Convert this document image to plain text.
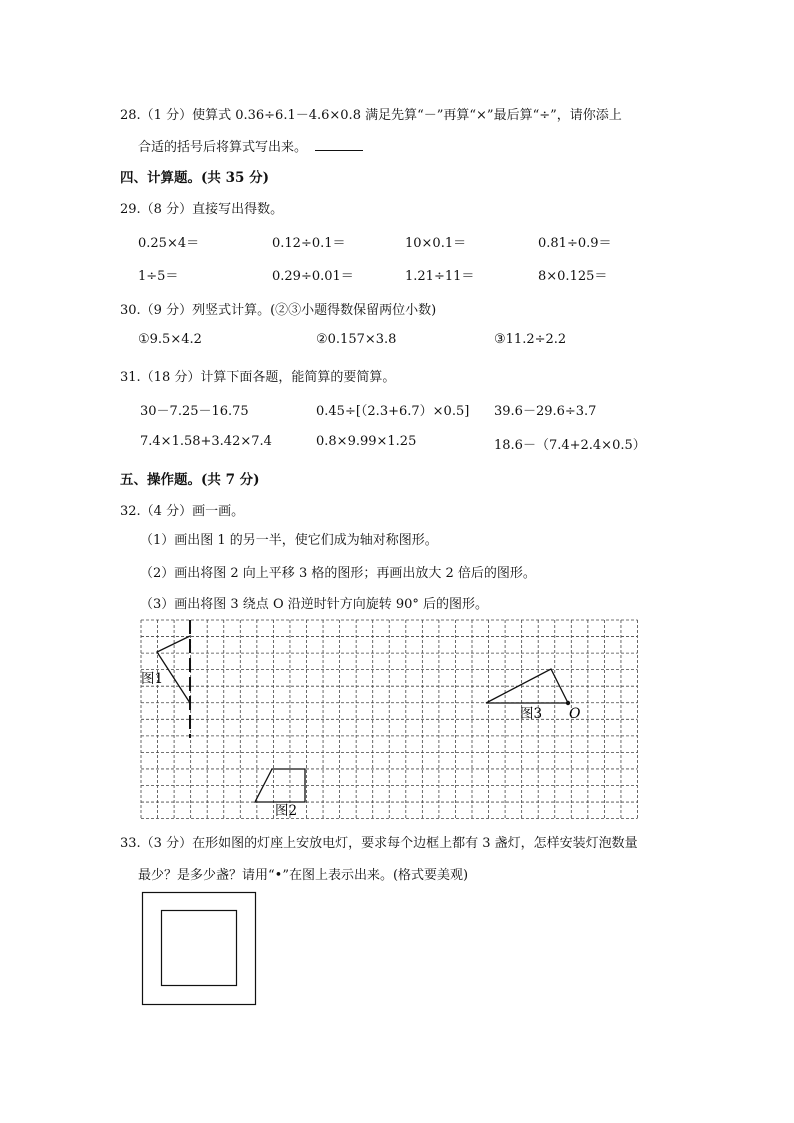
28.（1 分）使算式 0.36÷6.1－4.6×0.8 满足先算“－”再算“×”最后算“÷”，请你添上
合适的括号后将算式写出来。
四、计算题。(共 35 分)
29.（8 分）直接写出得数。
0.25×4＝	0.12÷0.1＝	10×0.1＝	0.81÷0.9＝
1÷5＝	0.29÷0.01＝	1.21÷11＝	8×0.125＝
30.（9 分）列竖式计算。(②③小题得数保留两位小数)
①9.5×4.2	②0.157×3.8	③11.2÷2.2
31.（18 分）计算下面各题，能简算的要简算。
30－7.25－16.75	0.45÷[（2.3+6.7）×0.5] 39.6－29.6÷3.7
7.4×1.58+3.42×7.4	0.8×9.99×1.25	18.6－（7.4+2.4×0.5）
五、操作题。(共 7 分)
32.（4 分）画一画。
（1）画出图 1 的另一半，使它们成为轴对称图形。
（2）画出将图 2 向上平移 3 格的图形；再画出放大 2 倍后的图形。
（3）画出将图 3 绕点 O 沿逆时针方向旋转 90° 后的图形。
图1
图2
图3 O
33.（3 分）在形如图的灯座上安放电灯，要求每个边框上都有 3 盏灯，怎样安装灯泡数量
最少？是多少盏？请用“•”在图上表示出来。(格式要美观)
